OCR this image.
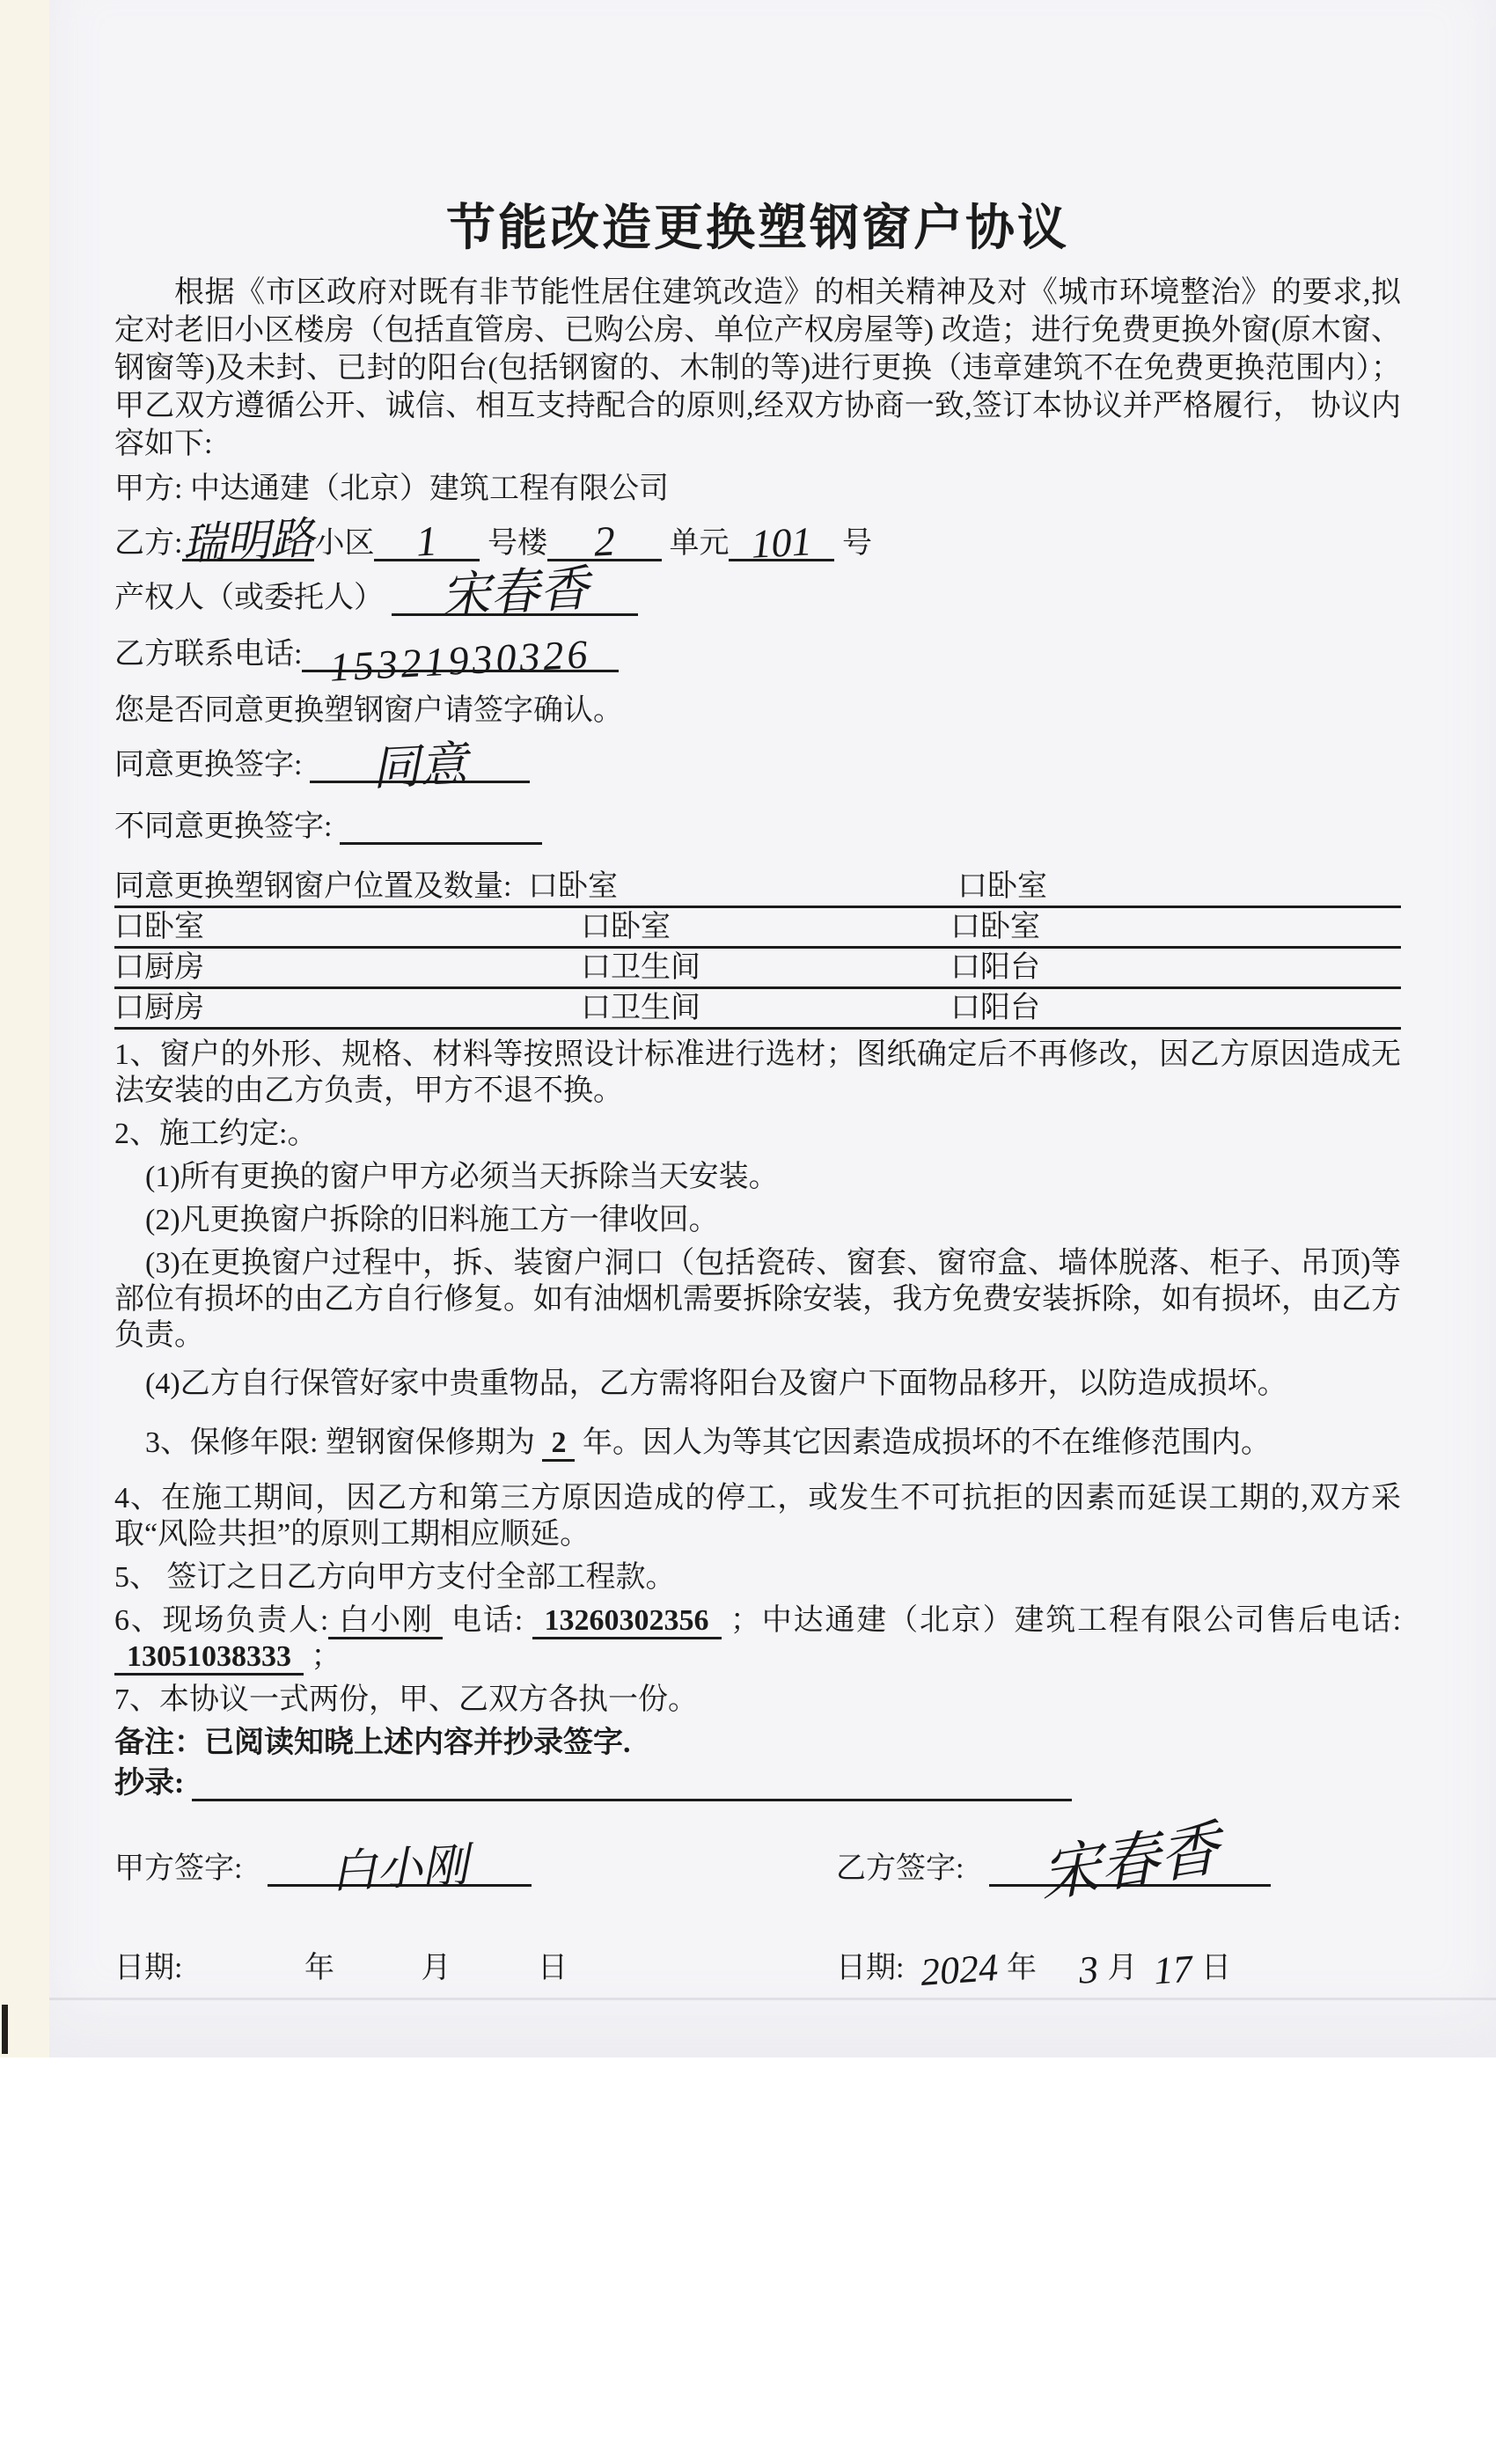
节能改造更换塑钢窗户协议

根据《市区政府对既有非节能性居住建筑改造》的相关精神及对《城市环境整治》的要求,拟定对老旧小区楼房（包括直管房、已购公房、单位产权房屋等) 改造；进行免费更换外窗(原木窗、钢窗等)及未封、已封的阳台(包括钢窗的、木制的等)进行更换（违章建筑不在免费更换范围内）；甲乙双方遵循公开、诚信、相互支持配合的原则,经双方协商一致,签订本协议并严格履行， 协议内容如下:

甲方: 中达通建（北京）建筑工程有限公司
乙方:
瑞明路
小区 1 号楼 2 单元 101 号
产权人（或委托人） 宋春香
乙方联系电话: 15321930326
您是否同意更换塑钢窗户请签字确认。
同意更换签字: 同意
不同意更换签字:
同意更换塑钢窗户位置及数量: 口卧室	口卧室
口卧室	口卧室	口卧室
口厨房	口卫生间	口阳台
口厨房	口卫生间	口阳台

1、窗户的外形、规格、材料等按照设计标准进行选材；图纸确定后不再修改，因乙方原因造成无法安装的由乙方负责，甲方不退不换。

2、施工约定:。

(1)所有更换的窗户甲方必须当天拆除当天安装。

(2)凡更换窗户拆除的旧料施工方一律收回。

(3)在更换窗户过程中，拆、装窗户洞口（包括瓷砖、窗套、窗帘盒、墙体脱落、柜子、吊顶)等部位有损坏的由乙方自行修复。如有油烟机需要拆除安装，我方免费安装拆除，如有损坏，由乙方负责。

(4)乙方自行保管好家中贵重物品，乙方需将阳台及窗户下面物品移开，以防造成损坏。

3、保修年限: 塑钢窗保修期为 2 年。因人为等其它因素造成损坏的不在维修范围内。

4、在施工期间，因乙方和第三方原因造成的停工，或发生不可抗拒的因素而延误工期的,双方采取“风险共担”的原则工期相应顺延。

5、 签订之日乙方向甲方支付全部工程款。

6、现场负责人: 白小刚 电话: 13260302356 ；中达通建（北京）建筑工程有限公司售后电话: 13051038333 ；

7、本协议一式两份，甲、乙双方各执一份。

备注：已阅读知晓上述内容并抄录签字.

抄录:
甲方签字: 白小刚	乙方签字: 宋春香
日期:	年	月	日	日期: 2024 年 3 月 17 日
